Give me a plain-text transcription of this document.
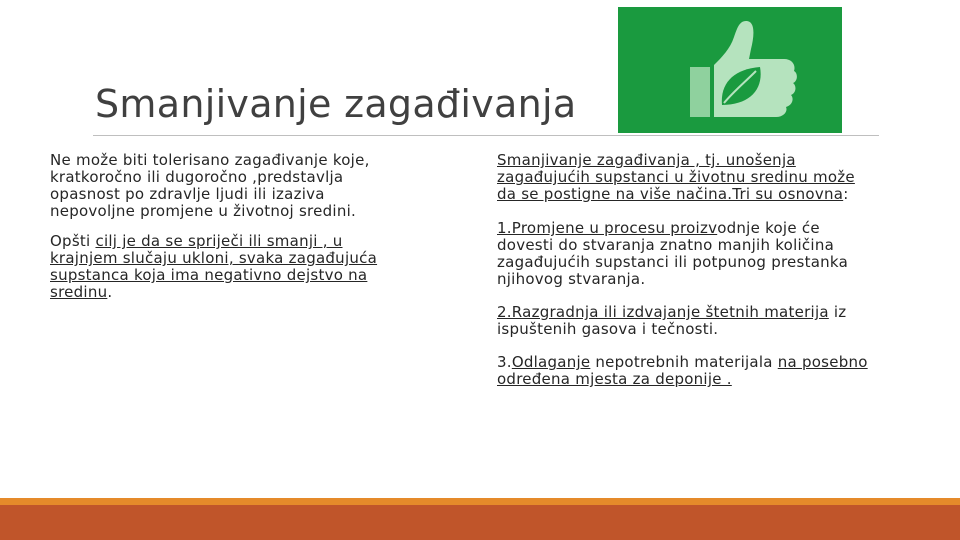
Smanjivanje zagađivanja

Ne može biti tolerisano zagađivanje koje, kratkoročno ili dugoročno ,predstavlja opasnost po zdravlje ljudi ili izaziva nepovoljne promjene u životnoj sredini.

Opšti cilj je da se spriječi ili smanji , u krajnjem slučaju ukloni, svaka zagađujuća supstanca koja ima negativno dejstvo na sredinu.

Smanjivanje zagađivanja , tj. unošenja zagađujućih supstanci u životnu sredinu može da se postigne na više načina.Tri su osnovna:

1.Promjene u procesu proizvodnje koje će dovesti do stvaranja znatno manjih količina zagađujućih supstanci ili potpunog prestanka njihovog stvaranja.

2.Razgradnja ili izdvajanje štetnih materija iz ispuštenih gasova i tečnosti.

3.Odlaganje nepotrebnih materijala na posebno određena mjesta za deponije .
